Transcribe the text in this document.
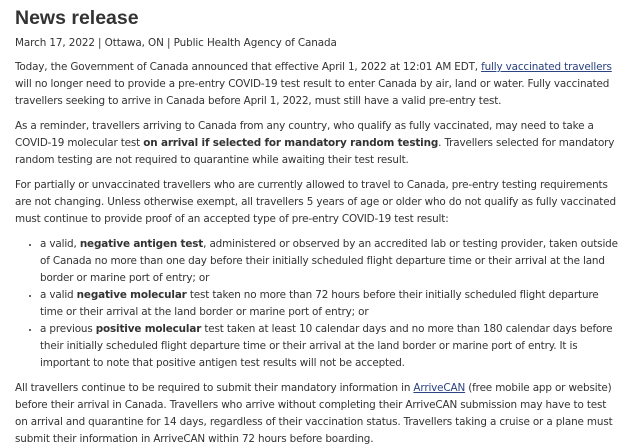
News release
March 17, 2022 | Ottawa, ON | Public Health Agency of Canada

Today, the Government of Canada announced that effective April 1, 2022 at 12:01 AM EDT, fully vaccinated travellers will no longer need to provide a pre-entry COVID-19 test result to enter Canada by air, land or water. Fully vaccinated travellers seeking to arrive in Canada before April 1, 2022, must still have a valid pre-entry test.

As a reminder, travellers arriving to Canada from any country, who qualify as fully vaccinated, may need to take a COVID-19 molecular test on arrival if selected for mandatory random testing. Travellers selected for mandatory random testing are not required to quarantine while awaiting their test result.

For partially or unvaccinated travellers who are currently allowed to travel to Canada, pre-entry testing requirements are not changing. Unless otherwise exempt, all travellers 5 years of age or older who do not qualify as fully vaccinated must continue to provide proof of an accepted type of pre-entry COVID-19 test result:

• a valid, negative antigen test, administered or observed by an accredited lab or testing provider, taken outside of Canada no more than one day before their initially scheduled flight departure time or their arrival at the land border or marine port of entry; or
• a valid negative molecular test taken no more than 72 hours before their initially scheduled flight departure time or their arrival at the land border or marine port of entry; or
• a previous positive molecular test taken at least 10 calendar days and no more than 180 calendar days before their initially scheduled flight departure time or their arrival at the land border or marine port of entry. It is important to note that positive antigen test results will not be accepted.

All travellers continue to be required to submit their mandatory information in ArriveCAN (free mobile app or website) before their arrival in Canada. Travellers who arrive without completing their ArriveCAN submission may have to test on arrival and quarantine for 14 days, regardless of their vaccination status. Travellers taking a cruise or a plane must submit their information in ArriveCAN within 72 hours before boarding.
